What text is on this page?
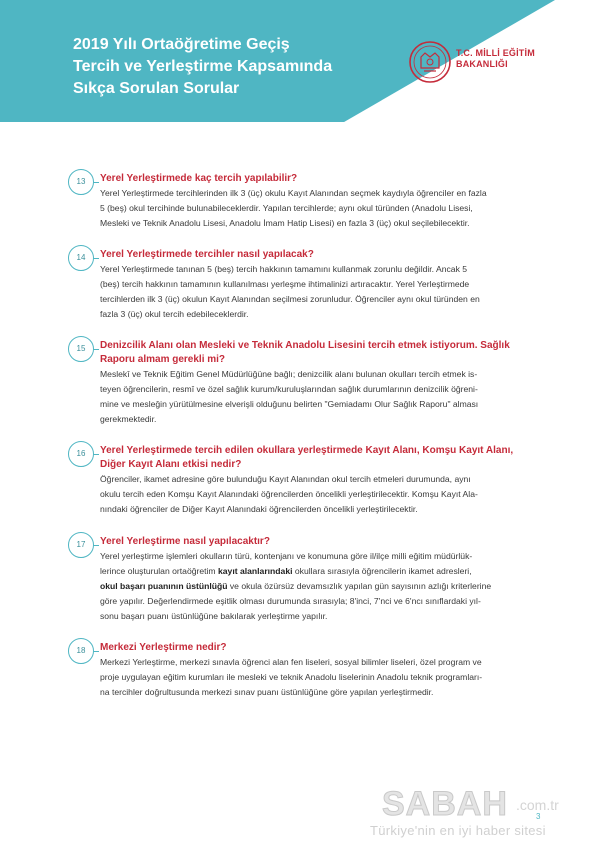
2019 Yılı Ortaöğretime Geçiş
Tercih ve Yerleştirme Kapsamında
Sıkça Sorulan Sorular
T.C. MİLLİ EĞİTİM
BAKANLIĞI
13	Yerel Yerleştirmede kaç tercih yapılabilir?
Yerel Yerleştirmede tercihlerinden ilk 3 (üç) okulu Kayıt Alanından seçmek kaydıyla öğrenciler en fazla
5 (beş) okul tercihinde bulunabileceklerdir. Yapılan tercihlerde; aynı okul türünden (Anadolu Lisesi,
Mesleki ve Teknik Anadolu Lisesi, Anadolu İmam Hatip Lisesi) en fazla 3 (üç) okul seçilebilecektir.
14	Yerel Yerleştirmede tercihler nasıl yapılacak?
Yerel Yerleştirmede tanınan 5 (beş) tercih hakkının tamamını kullanmak zorunlu değildir. Ancak 5
(beş) tercih hakkının tamamının kullanılması yerleşme ihtimalinizi artıracaktır. Yerel Yerleştirmede
tercihlerden ilk 3 (üç) okulun Kayıt Alanından seçilmesi zorunludur. Öğrenciler aynı okul türünden en
fazla 3 (üç) okul tercih edebileceklerdir.
15	Denizcilik Alanı olan Mesleki ve Teknik Anadolu Lisesini tercih etmek istiyorum. Sağlık
Raporu almam gerekli mi?
Meslekî ve Teknik Eğitim Genel Müdürlüğüne bağlı; denizcilik alanı bulunan okulları tercih etmek is-
teyen öğrencilerin, resmî ve özel sağlık kurum/kuruluşlarından sağlık durumlarının denizcilik öğreni-
mine ve mesleğin yürütülmesine elverişli olduğunu belirten "Gemiadamı Olur Sağlık Raporu" alması
gerekmektedir.
16	Yerel Yerleştirmede tercih edilen okullara yerleştirmede Kayıt Alanı, Komşu Kayıt Alanı,
Diğer Kayıt Alanı etkisi nedir?
Öğrenciler, ikamet adresine göre bulunduğu Kayıt Alanından okul tercih etmeleri durumunda, aynı
okulu tercih eden Komşu Kayıt Alanındaki öğrencilerden öncelikli yerleştirilecektir. Komşu Kayıt Ala-
nındaki öğrenciler de Diğer Kayıt Alanındaki öğrencilerden öncelikli yerleştirilecektir.
17	Yerel Yerleştirme nasıl yapılacaktır?
Yerel yerleştirme işlemleri okulların türü, kontenjanı ve konumuna göre il/ilçe milli eğitim müdürlük-
lerince oluşturulan ortaöğretim kayıt alanlarındaki okullara sırasıyla öğrencilerin ikamet adresleri,
okul başarı puanının üstünlüğü ve okula özürsüz devamsızlık yapılan gün sayısının azlığı kriterlerine
göre yapılır. Değerlendirmede eşitlik olması durumunda sırasıyla; 8'inci, 7'nci ve 6'ncı sınıflardaki yıl-
sonu başarı puanı üstünlüğüne bakılarak yerleştirme yapılır.
18	Merkezi Yerleştirme nedir?
Merkezi Yerleştirme, merkezi sınavla öğrenci alan fen liseleri, sosyal bilimler liseleri, özel program ve
proje uygulayan eğitim kurumları ile mesleki ve teknik Anadolu liselerinin Anadolu teknik programları-
na tercihler doğrultusunda merkezi sınav puanı üstünlüğüne göre yapılan yerleştirmedir.
SABAH .com.tr
Türkiye'nin en iyi haber sitesi
3
